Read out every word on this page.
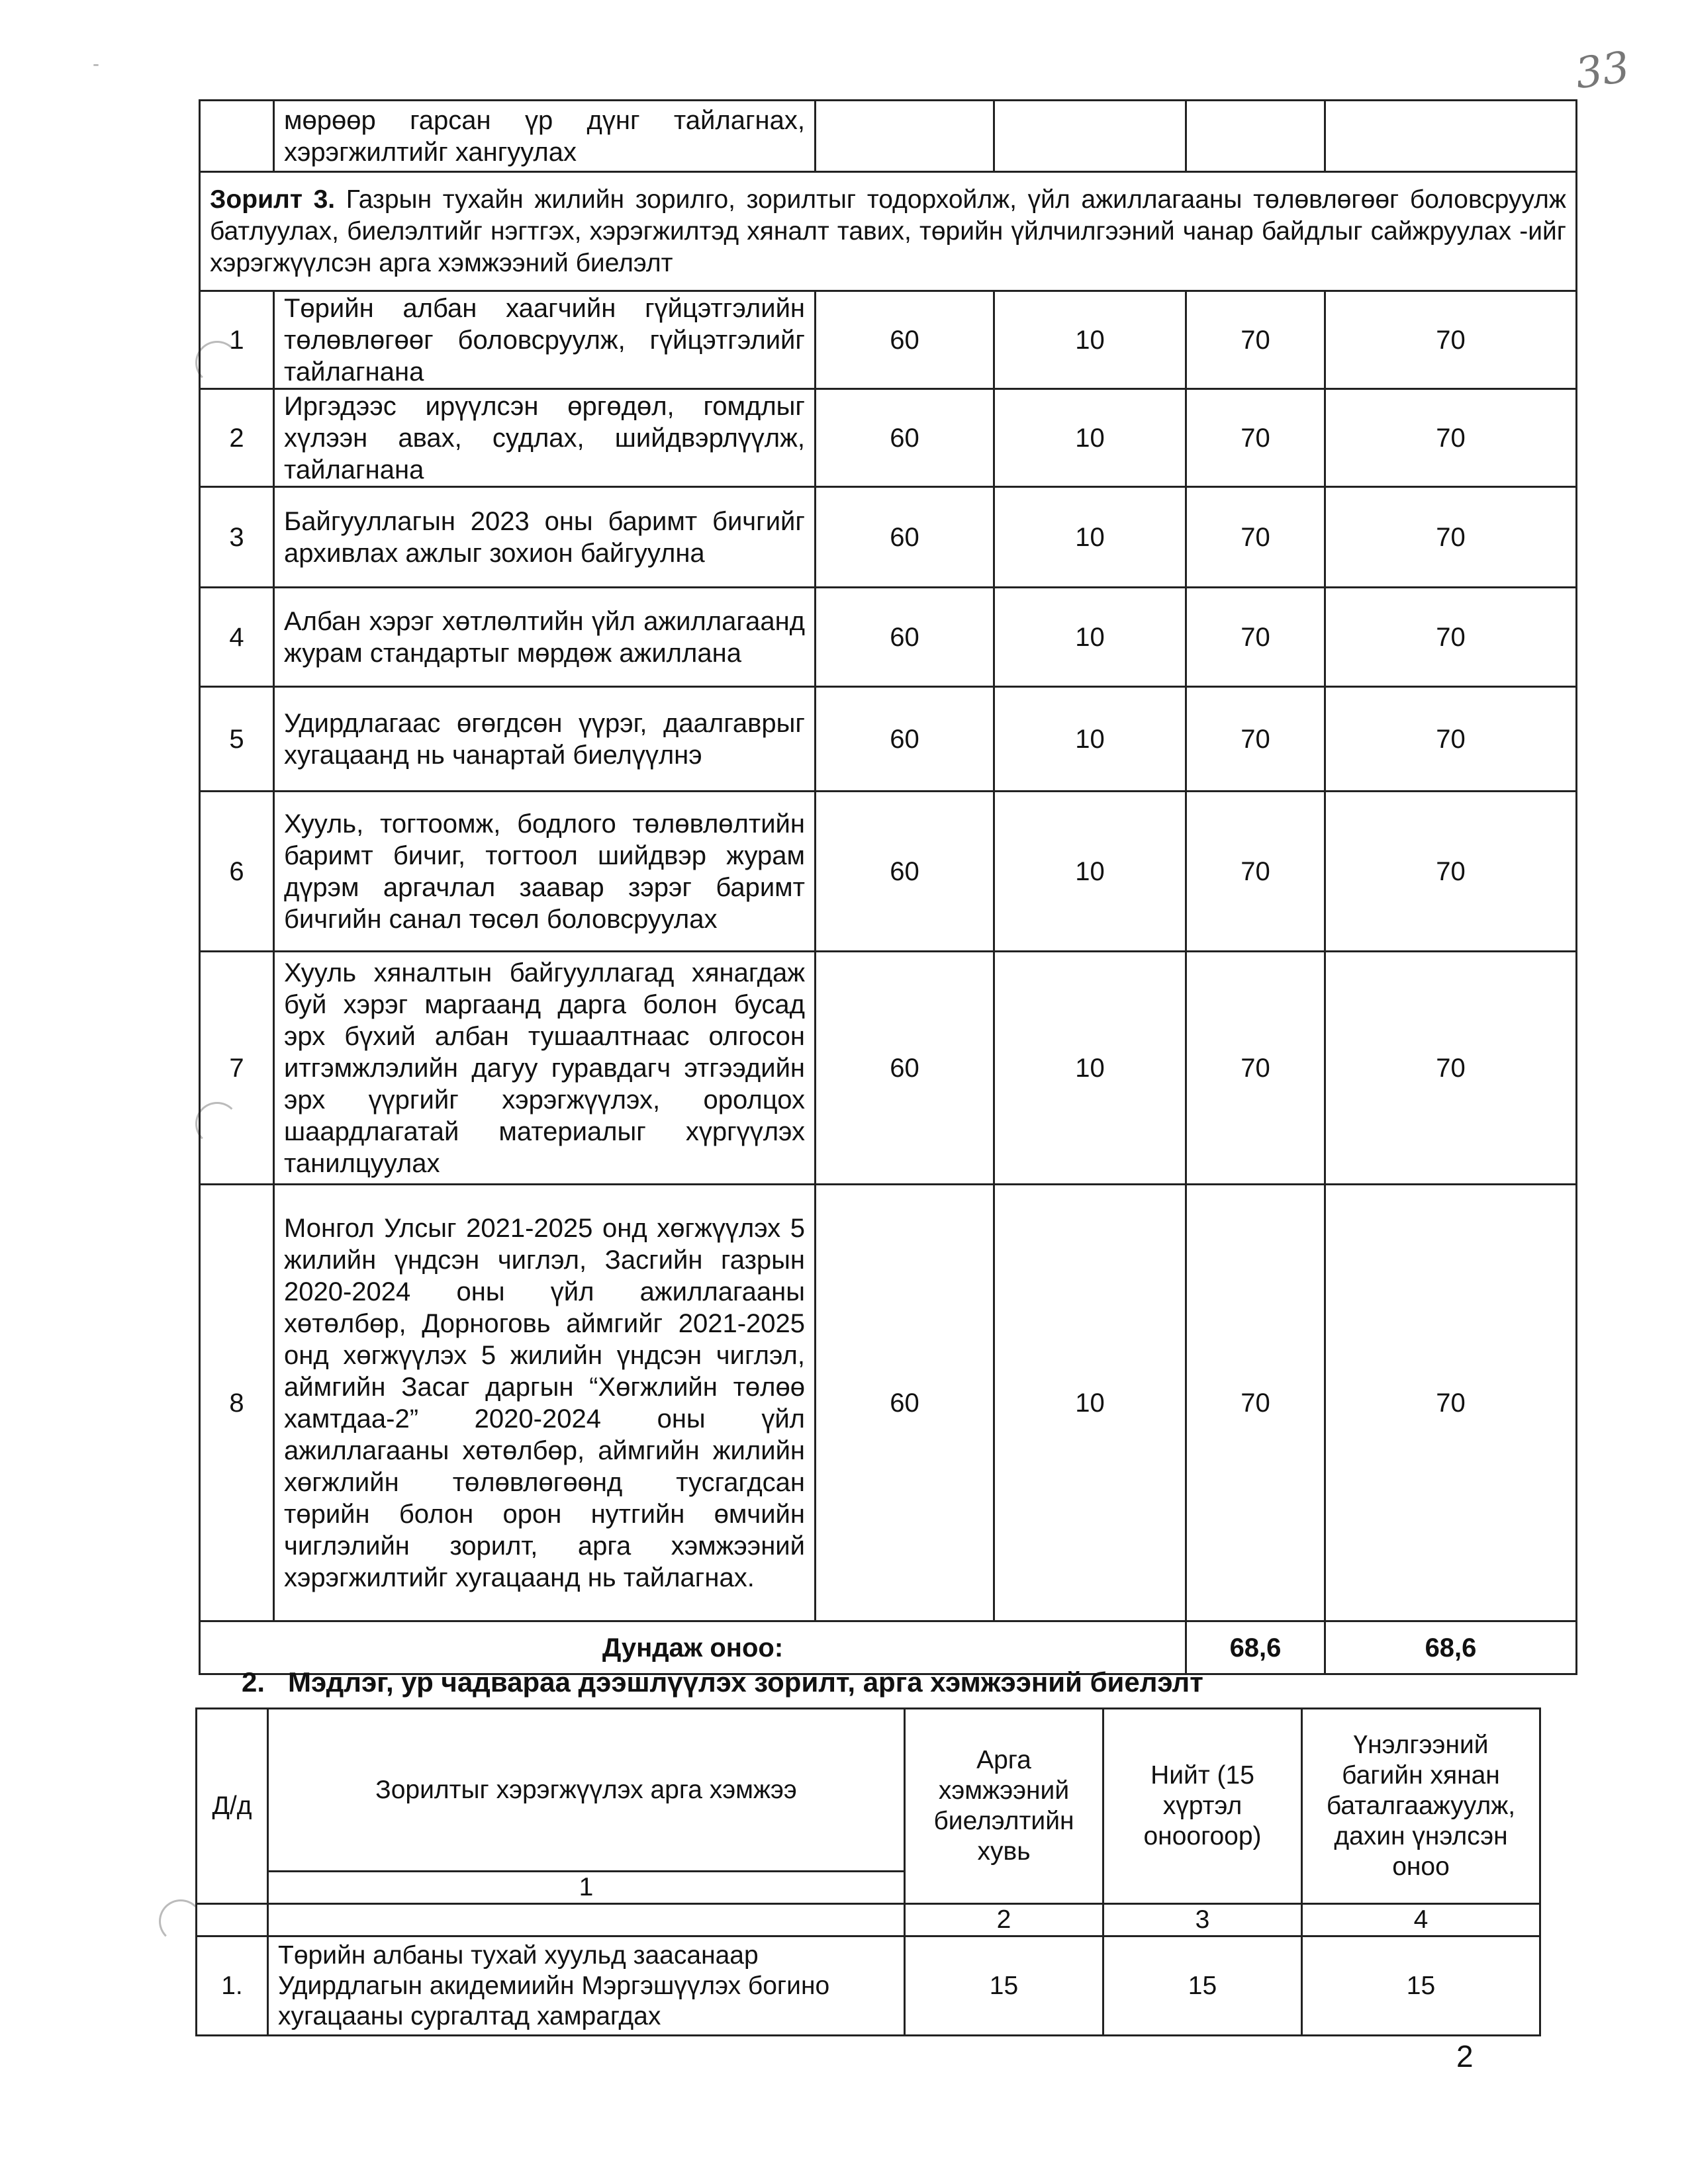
33
-
	мөрөөр гарсан үр дүнг тайлагнах, хэрэгжилтийг хангуулах				
Зорилт 3. Газрын тухайн жилийн зорилго, зорилтыг тодорхойлж, үйл ажиллагааны төлөвлөгөөг боловсруулж батлуулах, биелэлтийг нэгтгэх, хэрэгжилтэд хяналт тавих, төрийн үйлчилгээний чанар байдлыг сайжруулах -ийг хэрэгжүүлсэн арга хэмжээний биелэлт					
1	Төрийн албан хаагчийн гүйцэтгэлийн төлөвлөгөөг боловсруулж, гүйцэтгэлийг тайлагнана	60	10	70	70
2	Иргэдээс ирүүлсэн өргөдөл, гомдлыг хүлээн авах, судлах, шийдвэрлүүлж, тайлагнана	60	10	70	70
3	Байгууллагын 2023 оны баримт бичгийг архивлах ажлыг зохион байгуулна	60	10	70	70
4	Албан хэрэг хөтлөлтийн үйл ажиллагаанд журам стандартыг мөрдөж ажиллана	60	10	70	70
5	Удирдлагаас өгөгдсөн үүрэг, даалгаврыг хугацаанд нь чанартай биелүүлнэ	60	10	70	70
6	Хууль, тогтоомж, бодлого төлөвлөлтийн баримт бичиг, тогтоол шийдвэр журам дүрэм аргачлал заавар зэрэг баримт бичгийн санал төсөл боловсруулах	60	10	70	70
7	Хууль хяналтын байгууллагад хянагдаж буй хэрэг маргаанд дарга болон бусад эрх бүхий албан тушаалтнаас олгосон итгэмжлэлийн дагуу гуравдагч этгээдийн эрх үүргийг хэрэгжүүлэх, оролцох шаардлагатай материалыг хүргүүлэх танилцуулах	60	10	70	70
8	Монгол Улсыг 2021-2025 онд хөгжүүлэх 5 жилийн үндсэн чиглэл, Засгийн газрын 2020-2024 оны үйл ажиллагааны хөтөлбөр, Дорноговь аймгийг 2021-2025 онд хөгжүүлэх 5 жилийн үндсэн чиглэл, аймгийн Засаг даргын “Хөгжлийн төлөө хамтдаа-2” 2020-2024 оны үйл ажиллагааны хөтөлбөр, аймгийн жилийн хөгжлийн төлөвлөгөөнд тусгагдсан төрийн болон орон нутгийн өмчийн чиглэлийн зорилт, арга хэмжээний хэрэгжилтийг хугацаанд нь тайлагнах.	60	10	70	70
Дундаж оноо:				68,6	68,6
2. Мэдлэг, ур чадвараа дээшлүүлэх зорилт, арга хэмжээний биелэлт
Д/д	Зорилтыг хэрэгжүүлэх арга хэмжээ	Арга хэмжээний биелэлтийн хувь	Нийт (15 хүртэл оноогоор)	Үнэлгээний багийн хянан баталгаажуулж, дахин үнэлсэн оноо
	1			
		2	3	4
1.	Төрийн албаны тухай хуульд заасанаар Удирдлагын акидемиийн Мэргэшүүлэх богино хугацааны сургалтад хамрагдах	15	15	15
2
